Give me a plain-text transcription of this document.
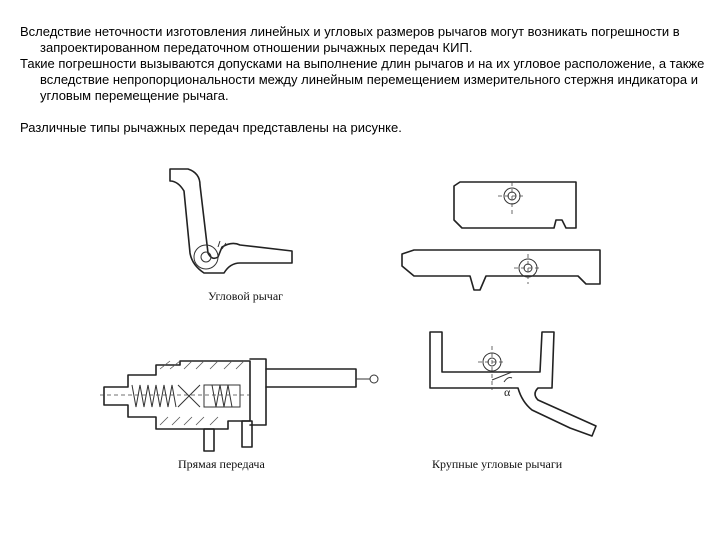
Вследствие неточности изготовления линейных и угловых размеров рычагов могут возникать погрешности в запроектированном передаточном отношении рычажных передач КИП.

Такие погрешности вызываются допусками на выполнение длин рычагов и на их угловое расположение, а также вследствие непропорциональности между линейным перемещением измерительного стержня индикатора и угловым перемещение рычага.

Различные типы рычажных передач представлены на рисунке.

Угловой рычаг
Прямая передача
α
Крупные угловые рычаги
